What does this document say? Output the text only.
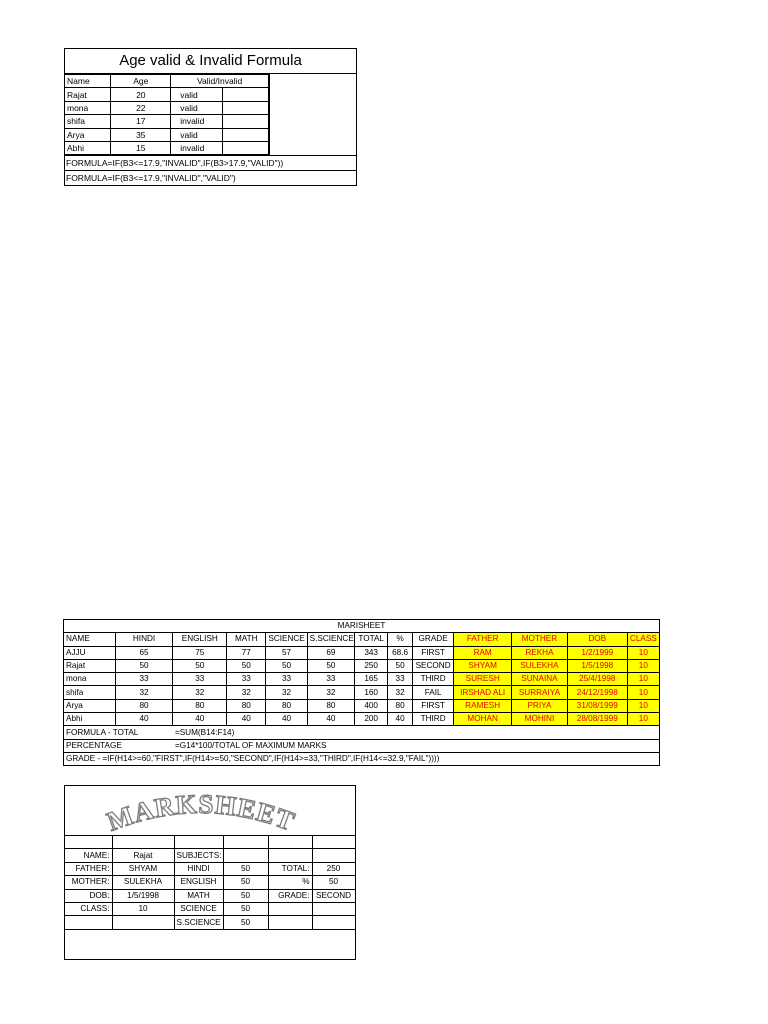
Age valid & Invalid Formula
Name	Age	Valid/Invalid	
Rajat	20	valid	
mona	22	valid	
shifa	17	invalid	
Arya	35	valid	
Abhi	15	invalid	
FORMULA=IF(B3<=17.9,"INVALID",IF(B3>17.9,"VALID"))
FORMULA=IF(B3<=17.9,"INVALID","VALID")
MARISHEET												
NAME	HINDI	ENGLISH	MATH	SCIENCE	S.SCIENCE	TOTAL	%	GRADE	FATHER	MOTHER	DOB	CLASS
AJJU	65	75	77	57	69	343	68.6	FIRST	RAM	REKHA	1/2/1999	10
Rajat	50	50	50	50	50	250	50	SECOND	SHYAM	SULEKHA	1/5/1998	10
mona	33	33	33	33	33	165	33	THIRD	SURESH	SUNAINA	25/4/1998	10
shifa	32	32	32	32	32	160	32	FAIL	IRSHAD ALI	SURRAIYA	24/12/1998	10
Arya	80	80	80	80	80	400	80	FIRST	RAMESH	PRIYA	31/08/1999	10
Abhi	40	40	40	40	40	200	40	THIRD	MOHAN	MOHINI	28/08/1999	10
FORMULA - TOTAL		=SUM(B14:F14)										
PERCENTAGE		=G14*100/TOTAL OF MAXIMUM MARKS										
GRADE - =IF(H14>=60,"FIRST",IF(H14>=50,"SECOND",IF(H14>=33,"THIRD",IF(H14<=32.9,"FAIL"))))												
MARKSHEET

NAME:	Rajat	SUBJECTS:			
FATHER:	SHYAM	HINDI	50	TOTAL:	250
MOTHER:	SULEKHA	ENGLISH	50	%	50
DOB:	1/5/1998	MATH	50	GRADE:	SECOND
CLASS:	10	SCIENCE	50		
		S.SCIENCE	50		
